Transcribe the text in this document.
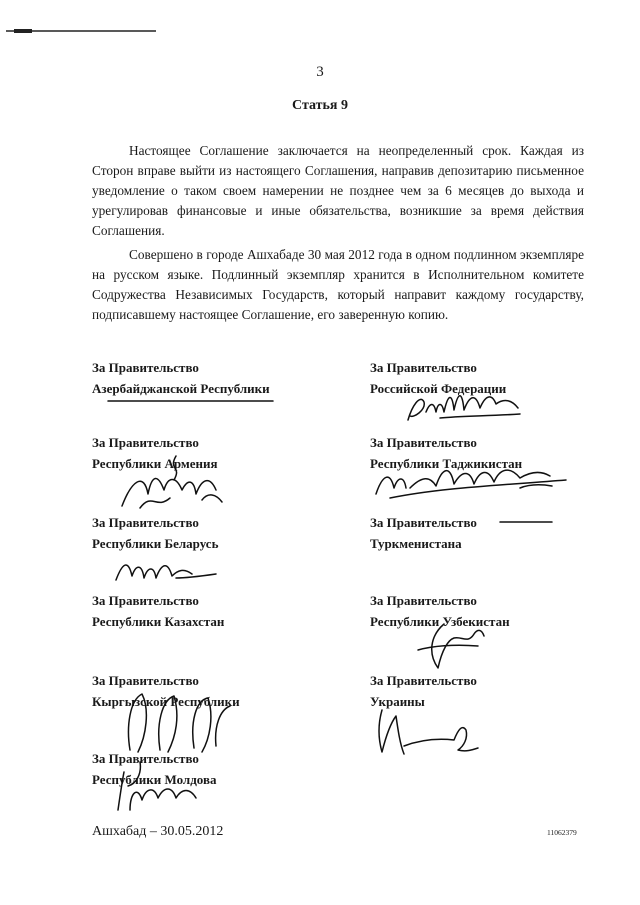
3
Статья 9
Настоящее Соглашение заключается на неопределенный срок. Каждая из Сторон вправе выйти из настоящего Соглашения, направив депозитарию письменное уведомление о таком своем намерении не позднее чем за 6 месяцев до выхода и урегулировав финансовые и иные обязательства, возникшие за время действия Соглашения.
Совершено в городе Ашхабаде 30 мая 2012 года в одном подлинном экземпляре на русском языке. Подлинный экземпляр хранится в Исполнительном комитете Содружества Независимых Государств, который направит каждому государству, подписавшему настоящее Соглашение, его заверенную копию.
За Правительство
Азербайджанской Республики
За Правительство
Российской Федерации
За Правительство
Республики Армения
За Правительство
Республики Таджикистан
За Правительство
Республики Беларусь
За Правительство
Туркменистана
За Правительство
Республики Казахстан
За Правительство
Республики Узбекистан
За Правительство
Кыргызской Республики
За Правительство
Украины
За Правительство
Республики Молдова
Ашхабад – 30.05.2012	11062379
